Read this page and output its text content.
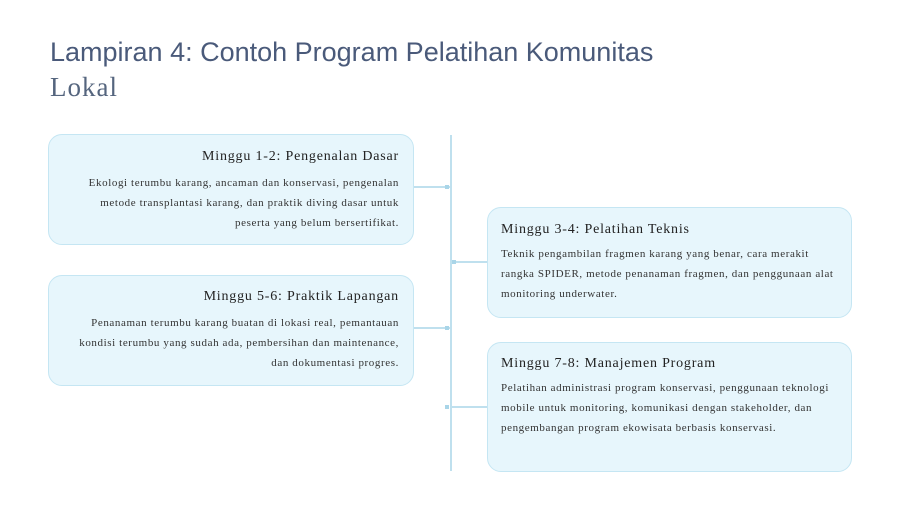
Lampiran 4: Contoh Program Pelatihan Komunitas
Lokal
Minggu 1-2: Pengenalan Dasar

Ekologi terumbu karang, ancaman dan konservasi, pengenalan metode transplantasi karang, dan praktik diving dasar untuk peserta yang belum bersertifikat.	Minggu 3-4: Pelatihan Teknis

Teknik pengambilan fragmen karang yang benar, cara merakit rangka SPIDER, metode penanaman fragmen, dan penggunaan alat monitoring underwater.

Minggu 5-6: Praktik Lapangan

Penanaman terumbu karang buatan di lokasi real, pemantauan kondisi terumbu yang sudah ada, pembersihan dan maintenance, dan dokumentasi progres.	Minggu 7-8: Manajemen Program

Pelatihan administrasi program konservasi, penggunaan teknologi mobile untuk monitoring, komunikasi dengan stakeholder, dan pengembangan program ekowisata berbasis konservasi.
